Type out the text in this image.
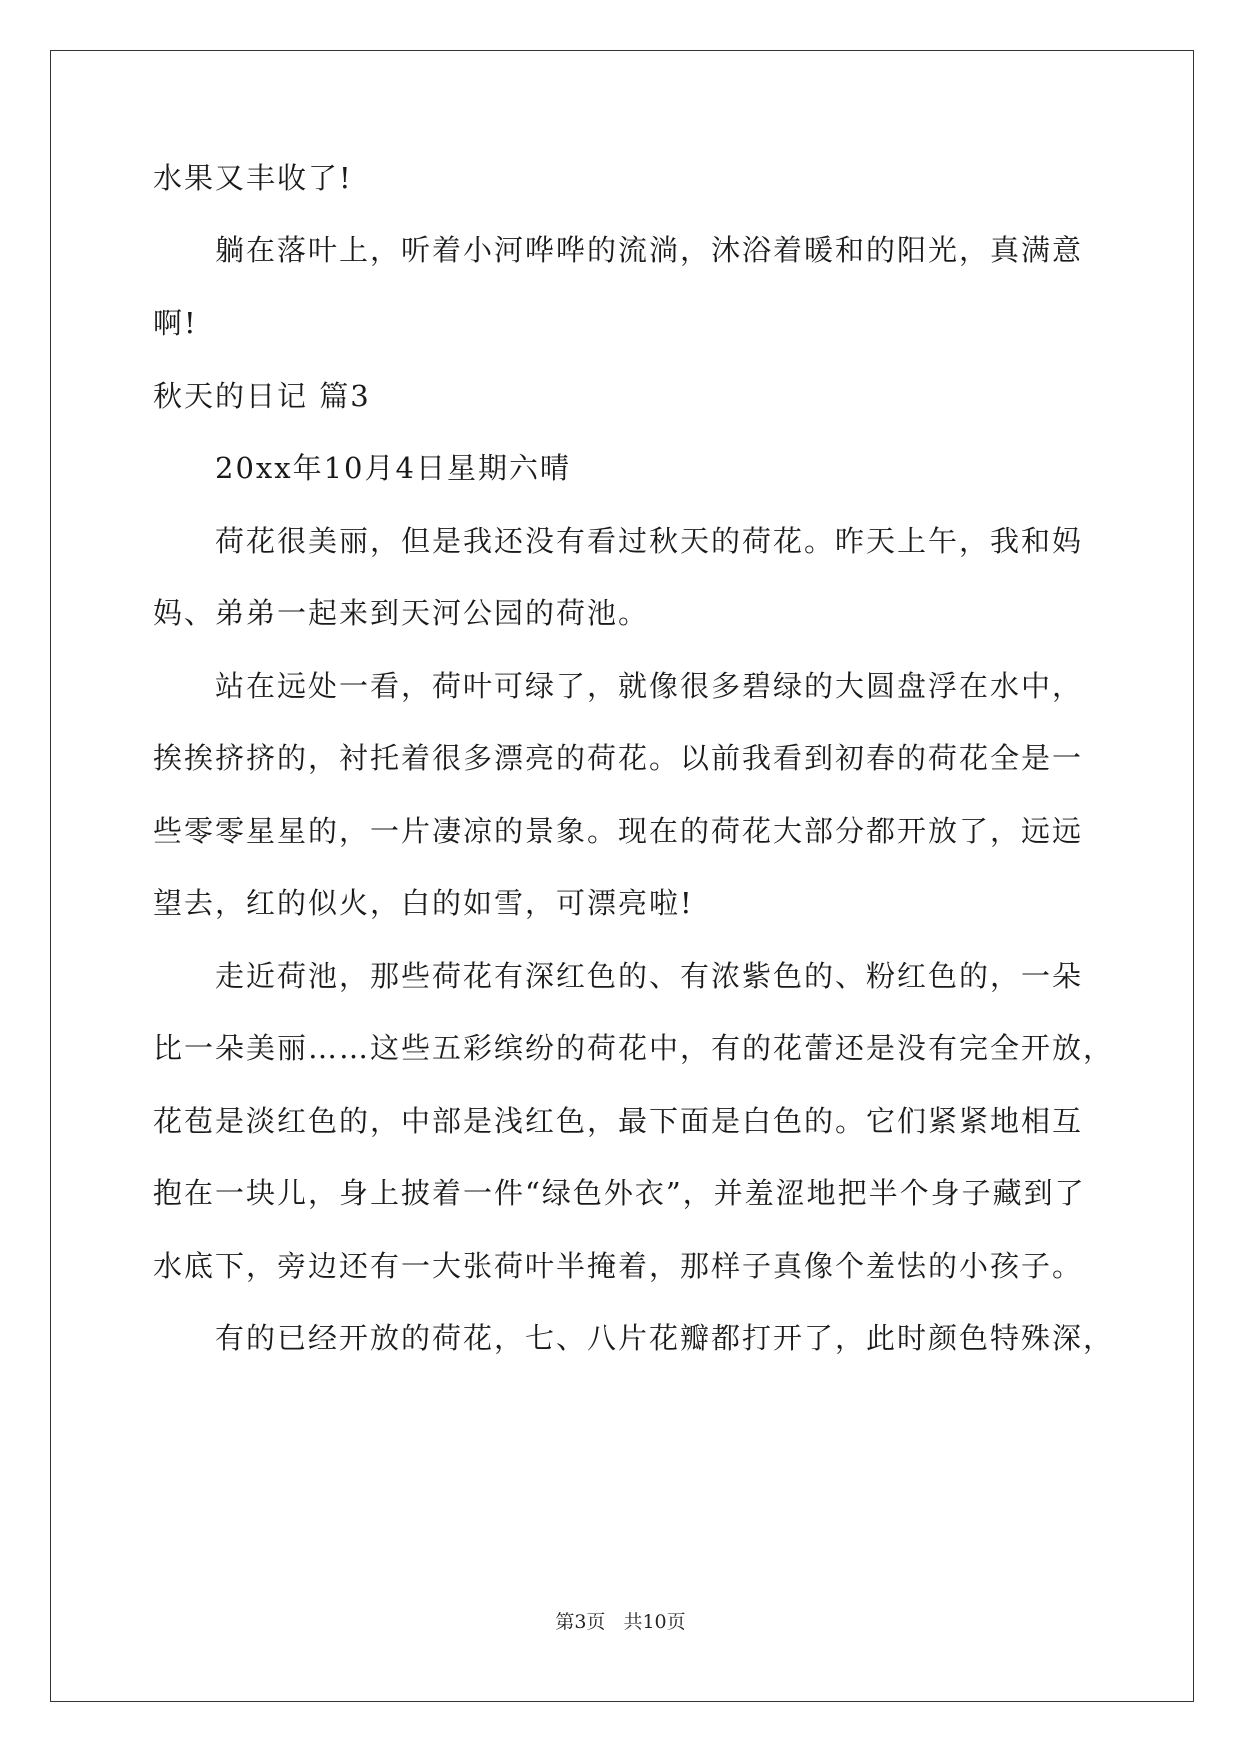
水果又丰收了!
躺在落叶上，听着小河哗哗的流淌，沐浴着暖和的阳光，真满意
啊!
秋天的日记 篇3
20xx年10月4日星期六晴
荷花很美丽，但是我还没有看过秋天的荷花。昨天上午，我和妈
妈、弟弟一起来到天河公园的荷池。
站在远处一看，荷叶可绿了，就像很多碧绿的大圆盘浮在水中，
挨挨挤挤的，衬托着很多漂亮的荷花。以前我看到初春的荷花全是一
些零零星星的，一片凄凉的景象。现在的荷花大部分都开放了，远远
望去，红的似火，白的如雪，可漂亮啦!
走近荷池，那些荷花有深红色的、有浓紫色的、粉红色的，一朵
比一朵美丽……这些五彩缤纷的荷花中，有的花蕾还是没有完全开放，
花苞是淡红色的，中部是浅红色，最下面是白色的。它们紧紧地相互
抱在一块儿，身上披着一件“绿色外衣”，并羞涩地把半个身子藏到了
水底下，旁边还有一大张荷叶半掩着，那样子真像个羞怯的小孩子。
有的已经开放的荷花，七、八片花瓣都打开了，此时颜色特殊深，
第3页 共10页
